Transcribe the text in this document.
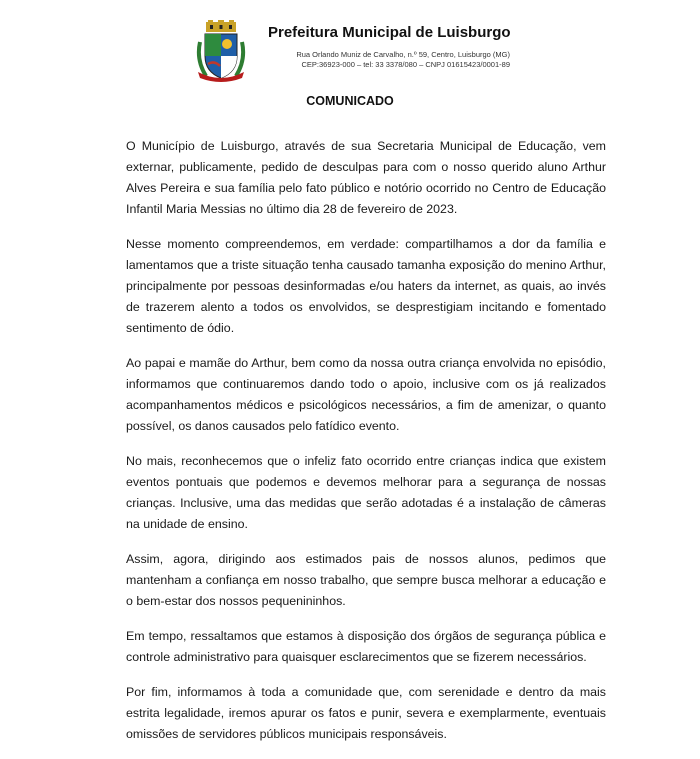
Prefeitura Municipal de Luisburgo
Rua Orlando Muniz de Carvalho, n.º 59, Centro, Luisburgo (MG)
CEP:36923-000 – tel: 33 3378/080 – CNPJ 01615423/0001-89
COMUNICADO

O Município de Luisburgo, através de sua Secretaria Municipal de Educação, vem externar, publicamente, pedido de desculpas para com o nosso querido aluno Arthur Alves Pereira e sua família pelo fato público e notório ocorrido no Centro de Educação Infantil Maria Messias no último dia 28 de fevereiro de 2023.

Nesse momento compreendemos, em verdade: compartilhamos a dor da família e lamentamos que a triste situação tenha causado tamanha exposição do menino Arthur, principalmente por pessoas desinformadas e/ou haters da internet, as quais, ao invés de trazerem alento a todos os envolvidos, se desprestigiam incitando e fomentado sentimento de ódio.

Ao papai e mamãe do Arthur, bem como da nossa outra criança envolvida no episódio, informamos que continuaremos dando todo o apoio, inclusive com os já realizados acompanhamentos médicos e psicológicos necessários, a fim de amenizar, o quanto possível, os danos causados pelo fatídico evento.

No mais, reconhecemos que o infeliz fato ocorrido entre crianças indica que existem eventos pontuais que podemos e devemos melhorar para a segurança de nossas crianças. Inclusive, uma das medidas que serão adotadas é a instalação de câmeras na unidade de ensino.

Assim, agora, dirigindo aos estimados pais de nossos alunos, pedimos que mantenham a confiança em nosso trabalho, que sempre busca melhorar a educação e o bem-estar dos nossos pequenininhos.

Em tempo, ressaltamos que estamos à disposição dos órgãos de segurança pública e controle administrativo para quaisquer esclarecimentos que se fizerem necessários.

Por fim, informamos à toda a comunidade que, com serenidade e dentro da mais estrita legalidade, iremos apurar os fatos e punir, severa e exemplarmente, eventuais omissões de servidores públicos municipais responsáveis.
